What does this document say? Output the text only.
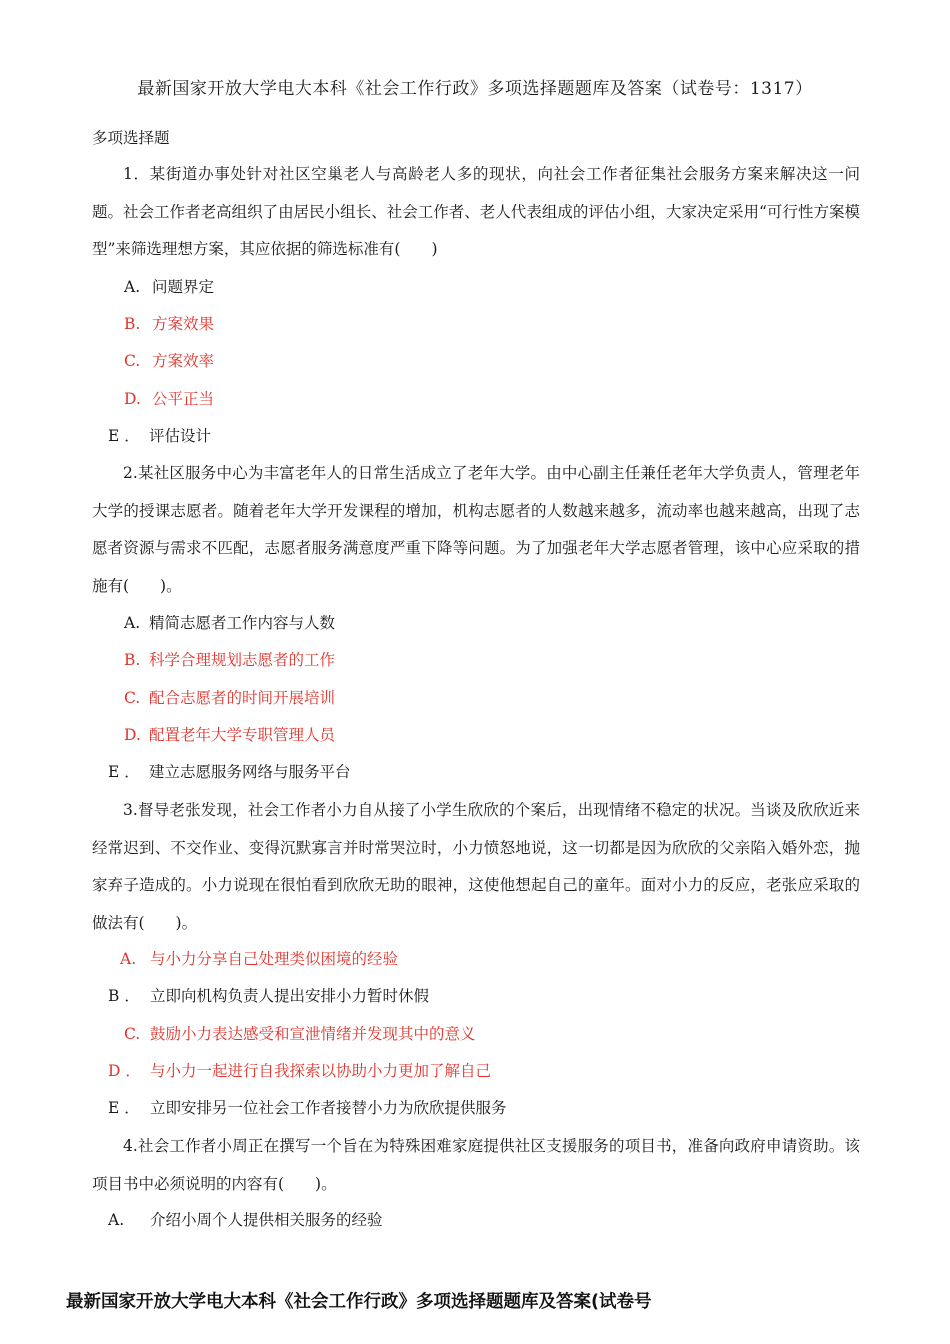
最新国家开放大学电大本科《社会工作行政》多项选择题题库及答案（试卷号：1317）
多项选择题

1．某街道办事处针对社区空巢老人与高龄老人多的现状，向社会工作者征集社会服务方案来解决这一问题。社会工作者老高组织了由居民小组长、社会工作者、老人代表组成的评估小组，大家决定采用“可行性方案模型”来筛选理想方案，其应依据的筛选标准有(　　)

A. 问题界定
B. 方案效果
C. 方案效率
D. 公平正当
E ． 评估设计

2.某社区服务中心为丰富老年人的日常生活成立了老年大学。由中心副主任兼任老年大学负责人，管理老年大学的授课志愿者。随着老年大学开发课程的增加，机构志愿者的人数越来越多，流动率也越来越高，出现了志愿者资源与需求不匹配，志愿者服务满意度严重下降等问题。为了加强老年大学志愿者管理，该中心应采取的措施有(　　)。

A. 精简志愿者工作内容与人数
B. 科学合理规划志愿者的工作
C. 配合志愿者的时间开展培训
D. 配置老年大学专职管理人员
E ． 建立志愿服务网络与服务平台

3.督导老张发现，社会工作者小力自从接了小学生欣欣的个案后，出现情绪不稳定的状况。当谈及欣欣近来经常迟到、不交作业、变得沉默寡言并时常哭泣时，小力愤怒地说，这一切都是因为欣欣的父亲陷入婚外恋，抛家弃子造成的。小力说现在很怕看到欣欣无助的眼神，这使他想起自己的童年。面对小力的反应，老张应采取的做法有(　　)。

A. 与小力分享自己处理类似困境的经验
B ． 立即向机构负责人提出安排小力暂时休假
C. 鼓励小力表达感受和宣泄情绪并发现其中的意义
D ． 与小力一起进行自我探索以协助小力更加了解自己
E ． 立即安排另一位社会工作者接替小力为欣欣提供服务

4.社会工作者小周正在撰写一个旨在为特殊困难家庭提供社区支援服务的项目书，准备向政府申请资助。该项目书中必须说明的内容有(　　)。

A. 介绍小周个人提供相关服务的经验
最新国家开放大学电大本科《社会工作行政》多项选择题题库及答案(试卷号
